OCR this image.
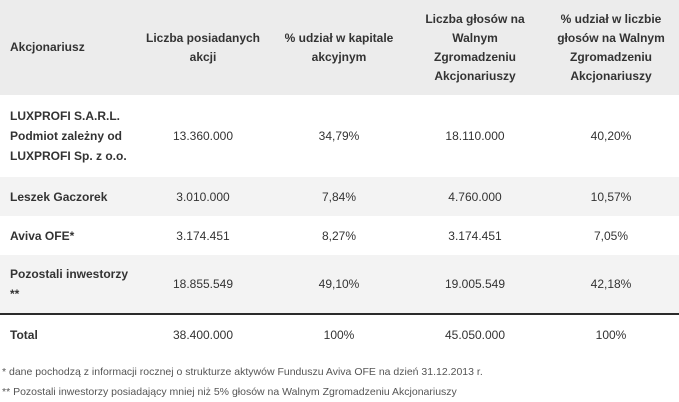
Akcjonariusz	Liczba posiadanych akcji	% udział w kapitale akcyjnym	Liczba głosów na Walnym Zgromadzeniu Akcjonariuszy	% udział w liczbie głosów na Walnym Zgromadzeniu Akcjonariuszy
LUXPROFI S.A.R.L. Podmiot zależny od LUXPROFI Sp. z o.o.	13.360.000	34,79%	18.110.000	40,20%
Leszek Gaczorek	3.010.000	7,84%	4.760.000	10,57%
Aviva OFE*	3.174.451	8,27%	3.174.451	7,05%
Pozostali inwestorzy **	18.855.549	49,10%	19.005.549	42,18%
Total	38.400.000	100%	45.050.000	100%
* dane pochodzą z informacji rocznej o strukturze aktywów Funduszu Aviva OFE na dzień 31.12.2013 r.
** Pozostali inwestorzy posiadający mniej niż 5% głosów na Walnym Zgromadzeniu Akcjonariuszy
